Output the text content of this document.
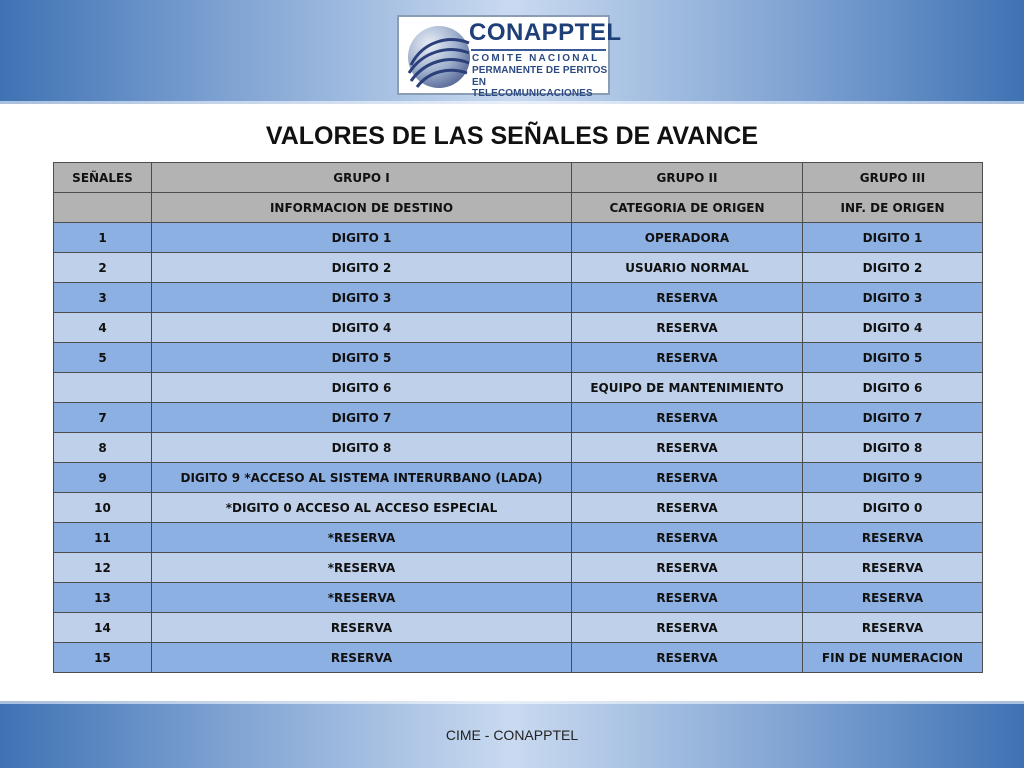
CONAPPTEL
COMITE NACIONAL
PERMANENTE DE PERITOS
EN TELECOMUNICACIONES
VALORES DE LAS SEÑALES DE AVANCE
SEÑALES	GRUPO I	GRUPO II	GRUPO III
	INFORMACION DE DESTINO	CATEGORIA DE ORIGEN	INF. DE ORIGEN
1	DIGITO 1	OPERADORA	DIGITO 1
2	DIGITO 2	USUARIO NORMAL	DIGITO 2
3	DIGITO 3	RESERVA	DIGITO 3
4	DIGITO 4	RESERVA	DIGITO 4
5	DIGITO 5	RESERVA	DIGITO 5
	DIGITO 6	EQUIPO DE MANTENIMIENTO	DIGITO 6
7	DIGITO 7	RESERVA	DIGITO 7
8	DIGITO 8	RESERVA	DIGITO 8
9	DIGITO 9 *ACCESO AL SISTEMA INTERURBANO (LADA)	RESERVA	DIGITO 9
10	*DIGITO 0 ACCESO AL ACCESO ESPECIAL	RESERVA	DIGITO 0
11	*RESERVA	RESERVA	RESERVA
12	*RESERVA	RESERVA	RESERVA
13	*RESERVA	RESERVA	RESERVA
14	RESERVA	RESERVA	RESERVA
15	RESERVA	RESERVA	FIN DE NUMERACION
CIME - CONAPPTEL
